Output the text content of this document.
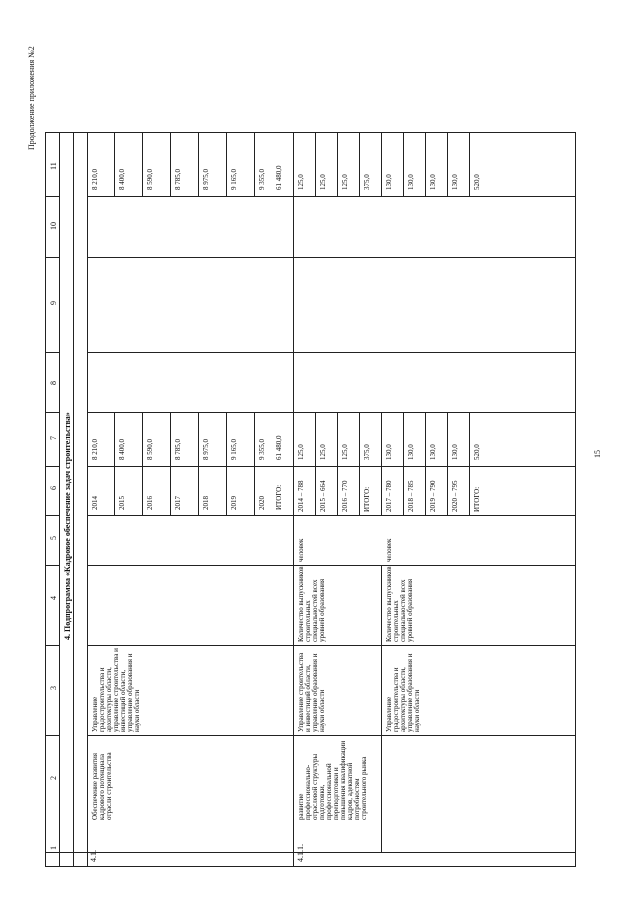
Продолжение приложения №2
15
1
2
3
4
5
6
7
8
9
10
11
4. Подпрограмма «Кадровое обеспечение задач строительства»
4.1.
Обеспечение развития кадрового потенциала отрасли строительства
Управление градостроительства и архитектуры области, управление строительства и инвестиций области, управление образования и науки области
2014
8 210,0
8 210,0
2015
8 400,0
8 400,0
2016
8 590,0
8 590,0
2017
8 785,0
8 785,0
2018
8 975,0
8 975,0
2019
9 165,0
9 165,0
2020
9 355,0
9 355,0
ИТОГО:
61 480,0
61 480,0
4.1.1.
развитие профессионально-отраслевой структуры подготовки, профессиональной переподготовки и повышения квалификации кадров, адекватной потребностям строительного рынка
Управление строительства и инвестиций области, управление образования и науки области
Количество выпускников строительных специальностей всех уровней образования
человек
2014 – 788
125,0
125,0
2015 – 664
125,0
125,0
2016 – 770
125,0
125,0
ИТОГО:
375,0
375,0
Управление градостроительства и архитектуры области, управление образования и науки области
Количество выпускников строительных специальностей всех уровней образования
человек
2017 – 780
130,0
130,0
2018 – 785
130,0
130,0
2019 – 790
130,0
130,0
2020 – 795
130,0
130,0
ИТОГО:
520,0
520,0
